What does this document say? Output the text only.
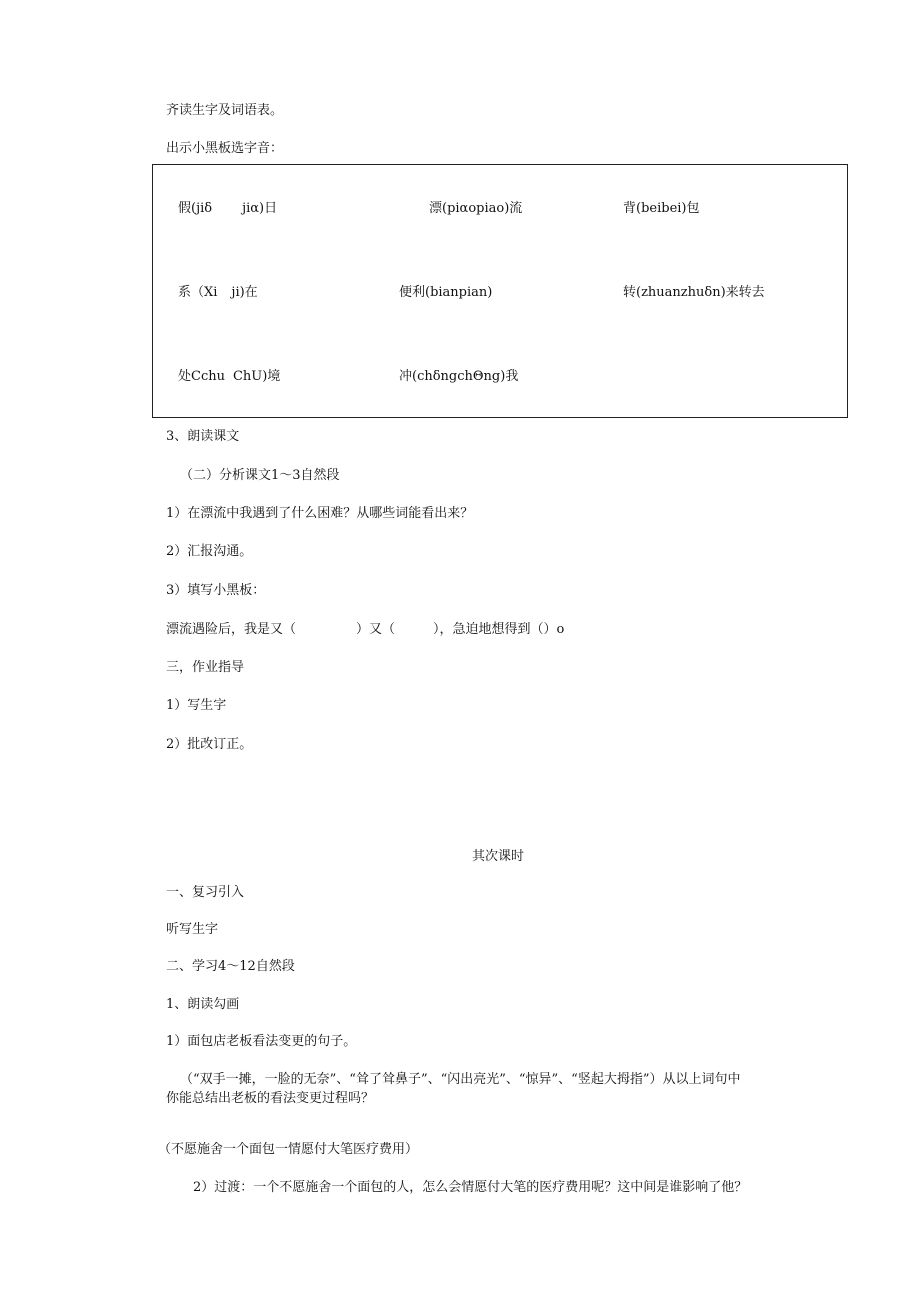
齐读生字及词语表。
出示小黑板选字音：
假(jiδ jiα)日	漂(piαopiao)流	背(beibei)包
系（Xi ji)在	便利(bianpian)	转(zhuanzhuδn)来转去
处Cchu ChU)境	冲(chδngchΘng)我
3、朗读课文
（二）分析课文1～3自然段
1）在漂流中我遇到了什么困难？从哪些词能看出来？
2）汇报沟通。
3）填写小黑板：
漂流遇险后，我是又（	）又（	），急迫地想得到（）o
三，作业指导
1）写生字
2）批改订正。
其次课时
一、复习引入
听写生字
二、学习4～12自然段
1、朗读勾画
1）面包店老板看法变更的句子。
（“双手一摊，一脸的无奈”、“耸了耸鼻子”、“闪出亮光”、“惊异”、“竖起大拇指”）从以上词句中
你能总结出老板的看法变更过程吗？
（不愿施舍一个面包一情愿付大笔医疗费用）
2）过渡：一个不愿施舍一个面包的人，怎么会情愿付大笔的医疗费用呢？这中间是谁影响了他？
